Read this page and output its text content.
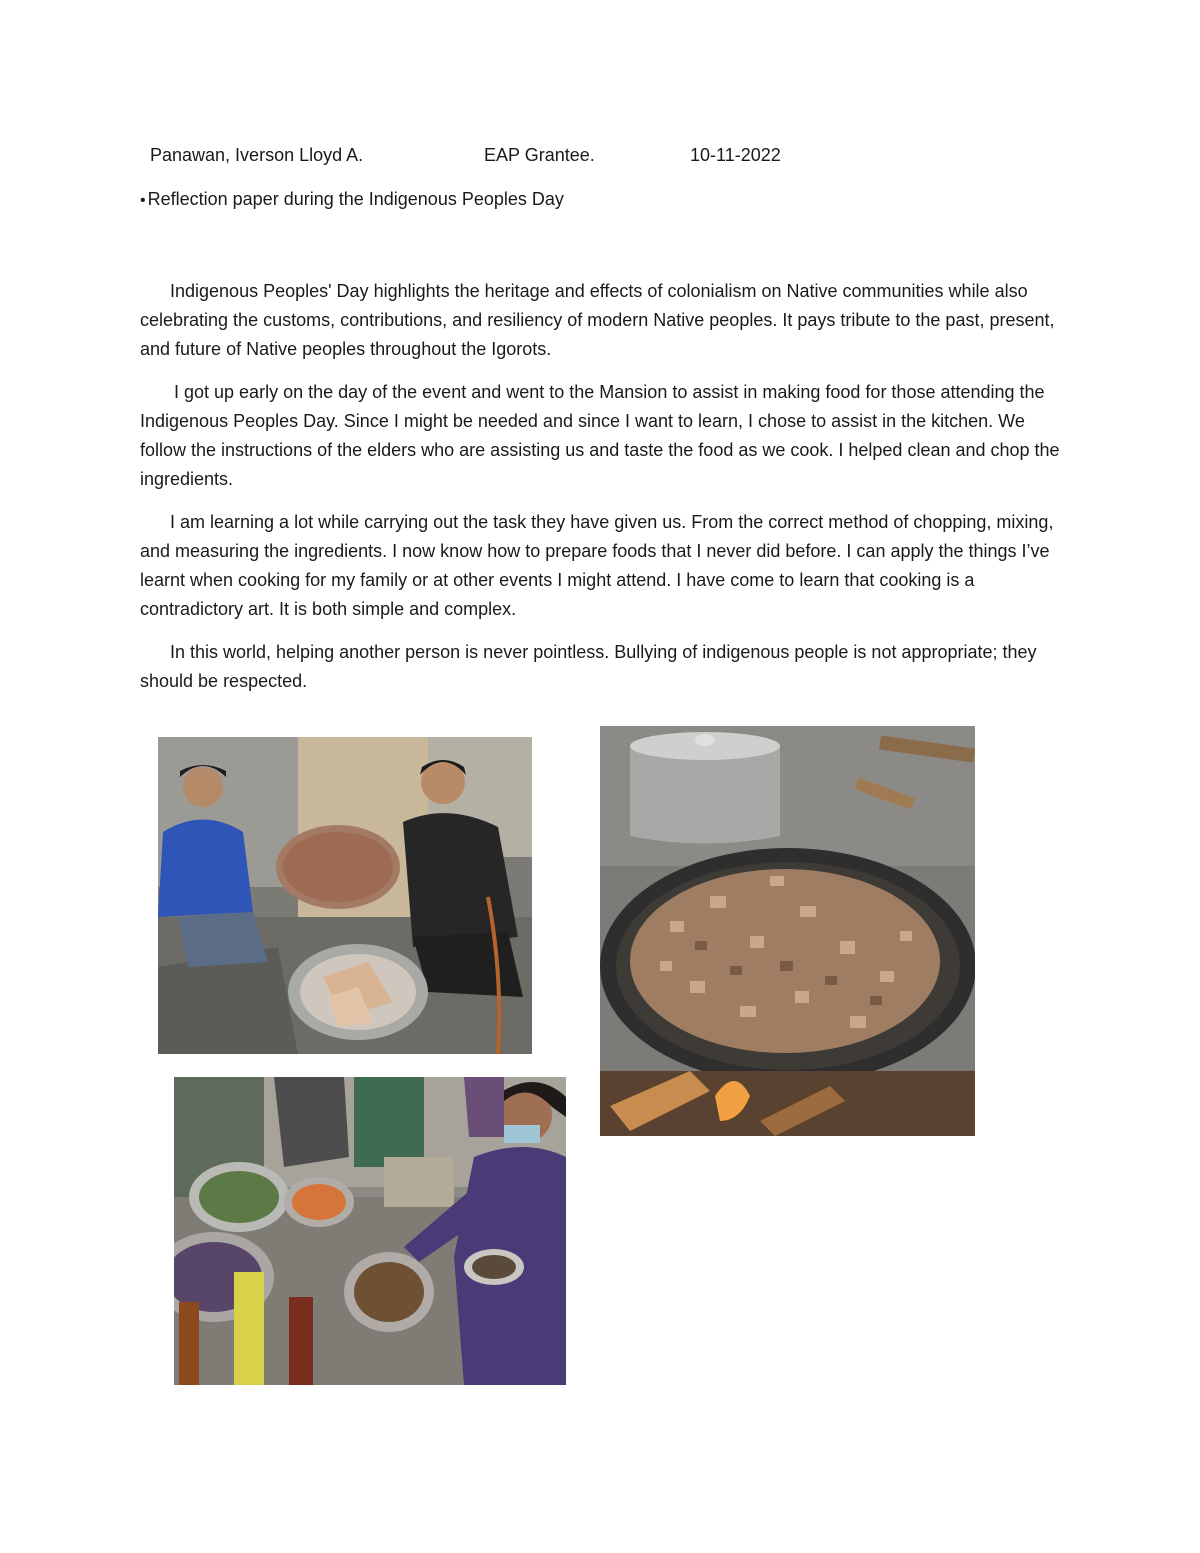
Panawan, Iverson Lloyd A.	EAP Grantee.	10-11-2022
• Reflection paper during the Indigenous Peoples Day

Indigenous Peoples' Day highlights the heritage and effects of colonialism on Native communities while also celebrating the customs, contributions, and resiliency of modern Native peoples. It pays tribute to the past, present, and future of Native peoples throughout the Igorots.

I got up early on the day of the event and went to the Mansion to assist in making food for those attending the Indigenous Peoples Day. Since I might be needed and since I want to learn, I chose to assist in the kitchen. We follow the instructions of the elders who are assisting us and taste the food as we cook. I helped clean and chop the ingredients.

I am learning a lot while carrying out the task they have given us. From the correct method of chopping, mixing, and measuring the ingredients. I now know how to prepare foods that I never did before. I can apply the things I’ve learnt when cooking for my family or at other events I might attend. I have come to learn that cooking is a contradictory art. It is both simple and complex.

In this world, helping another person is never pointless. Bullying of indigenous people is not appropriate; they should be respected.
